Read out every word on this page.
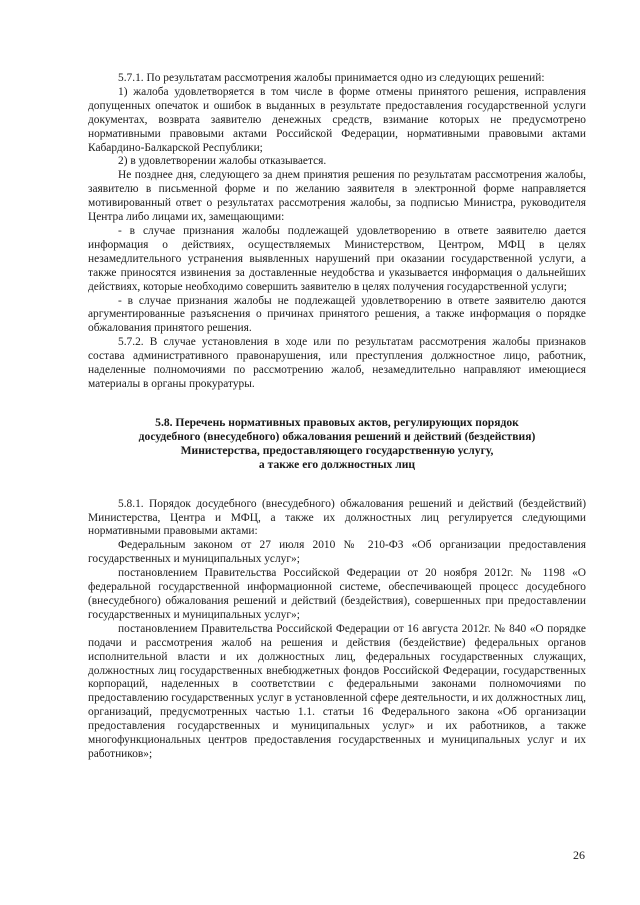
5.7.1. По результатам рассмотрения жалобы принимается одно из следующих решений:

1) жалоба удовлетворяется в том числе в форме отмены принятого решения, исправления допущенных опечаток и ошибок в выданных в результате предоставления государственной услуги документах, возврата заявителю денежных средств, взимание которых не предусмотрено нормативными правовыми актами Российской Федерации, нормативными правовыми актами Кабардино-Балкарской Республики;

2) в удовлетворении жалобы отказывается.

Не позднее дня, следующего за днем принятия решения по результатам рассмотрения жалобы, заявителю в письменной форме и по желанию заявителя в электронной форме направляется мотивированный ответ о результатах рассмотрения жалобы, за подписью Министра, руководителя Центра либо лицами их, замещающими:

- в случае признания жалобы подлежащей удовлетворению в ответе заявителю дается информация о действиях, осуществляемых Министерством, Центром, МФЦ в целях незамедлительного устранения выявленных нарушений при оказании государственной услуги, а также приносятся извинения за доставленные неудобства и указывается информация о дальнейших действиях, которые необходимо совершить заявителю в целях получения государственной услуги;

- в случае признания жалобы не подлежащей удовлетворению в ответе заявителю даются аргументированные разъяснения о причинах принятого решения, а также информация о порядке обжалования принятого решения.

5.7.2. В случае установления в ходе или по результатам рассмотрения жалобы признаков состава административного правонарушения, или преступления должностное лицо, работник, наделенные полномочиями по рассмотрению жалоб, незамедлительно направляют имеющиеся материалы в органы прокуратуры.

5.8. Перечень нормативных правовых актов, регулирующих порядок
досудебного (внесудебного) обжалования решений и действий (бездействия)
Министерства, предоставляющего государственную услугу,
а также его должностных лиц

5.8.1. Порядок досудебного (внесудебного) обжалования решений и действий (бездействий) Министерства, Центра и МФЦ, а также их должностных лиц регулируется следующими нормативными правовыми актами:

Федеральным законом от 27 июля 2010 № 210-ФЗ «Об организации предоставления государственных и муниципальных услуг»;

постановлением Правительства Российской Федерации от 20 ноября 2012г. № 1198 «О федеральной государственной информационной системе, обеспечивающей процесс досудебного (внесудебного) обжалования решений и действий (бездействия), совершенных при предоставлении государственных и муниципальных услуг»;

постановлением Правительства Российской Федерации от 16 августа 2012г. № 840 «О порядке подачи и рассмотрения жалоб на решения и действия (бездействие) федеральных органов исполнительной власти и их должностных лиц, федеральных государственных служащих, должностных лиц государственных внебюджетных фондов Российской Федерации, государственных корпораций, наделенных в соответствии с федеральными законами полномочиями по предоставлению государственных услуг в установленной сфере деятельности, и их должностных лиц, организаций, предусмотренных частью 1.1. статьи 16 Федерального закона «Об организации предоставления государственных и муниципальных услуг» и их работников, а также многофункциональных центров предоставления государственных и муниципальных услуг и их работников»;

26
